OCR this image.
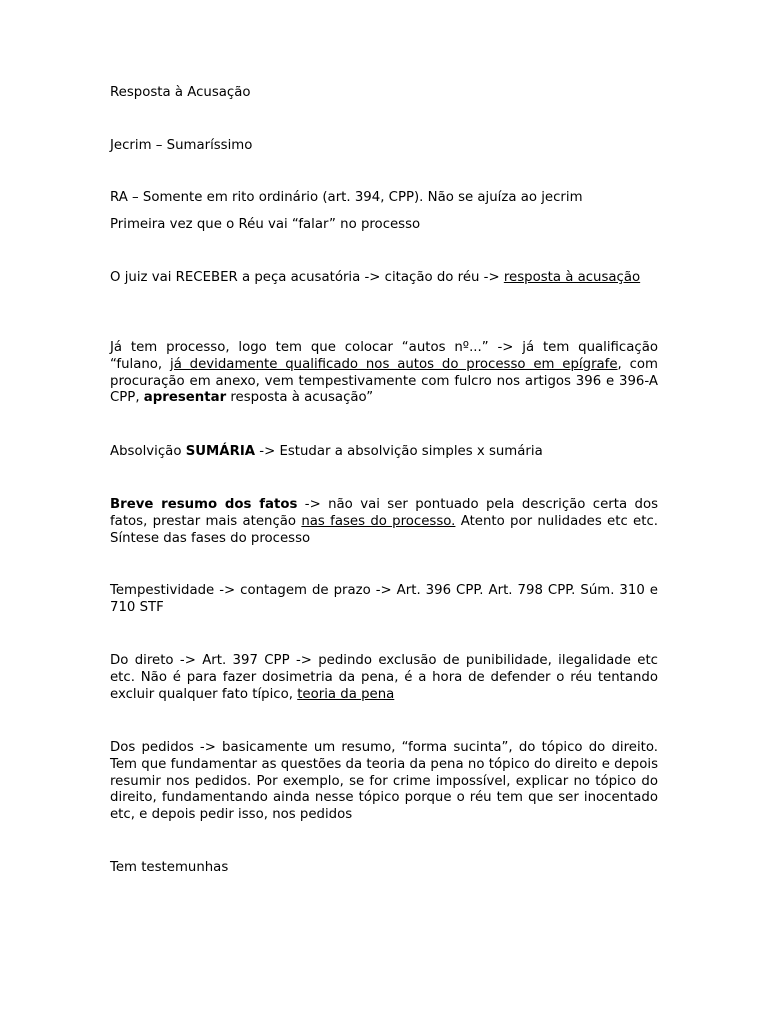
Resposta à Acusação

Jecrim – Sumaríssimo

RA – Somente em rito ordinário (art. 394, CPP). Não se ajuíza ao jecrim

Primeira vez que o Réu vai “falar” no processo

O juiz vai RECEBER a peça acusatória -> citação do réu -> resposta à acusação

Já tem processo, logo tem que colocar “autos nº...” -> já tem qualificação “fulano, já devidamente qualificado nos autos do processo em epígrafe, com procuração em anexo, vem tempestivamente com fulcro nos artigos 396 e 396-A CPP, apresentar resposta à acusação”

Absolvição SUMÁRIA -> Estudar a absolvição simples x sumária

Breve resumo dos fatos -> não vai ser pontuado pela descrição certa dos fatos, prestar mais atenção nas fases do processo. Atento por nulidades etc etc. Síntese das fases do processo

Tempestividade -> contagem de prazo -> Art. 396 CPP. Art. 798 CPP. Súm. 310 e 710 STF

Do direto -> Art. 397 CPP -> pedindo exclusão de punibilidade, ilegalidade etc etc. Não é para fazer dosimetria da pena, é a hora de defender o réu tentando excluir qualquer fato típico, teoria da pena

Dos pedidos -> basicamente um resumo, “forma sucinta”, do tópico do direito. Tem que fundamentar as questões da teoria da pena no tópico do direito e depois resumir nos pedidos. Por exemplo, se for crime impossível, explicar no tópico do direito, fundamentando ainda nesse tópico porque o réu tem que ser inocentado etc, e depois pedir isso, nos pedidos

Tem testemunhas
